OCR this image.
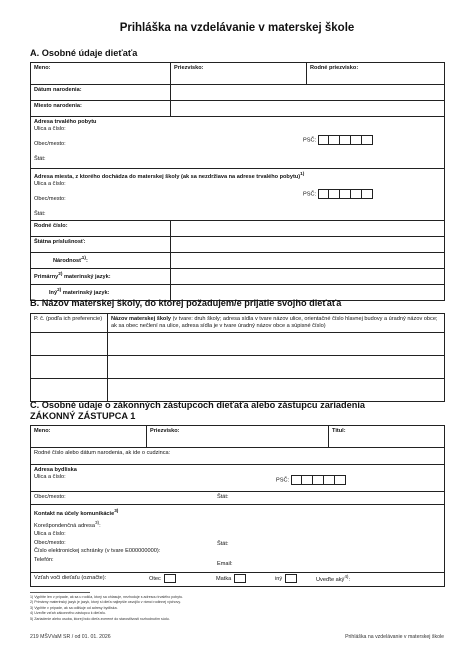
Prihláška na vzdelávanie v materskej škole
A. Osobné údaje dieťaťa
Meno:	Priezvisko:	Rodné priezvisko:
Dátum narodenia:		
Miesto narodenia:		

Adresa trvalého pobytu
Ulica a číslo:
Obec/mesto:
Štát:
PSČ:		

Adresa miesta, z ktorého dochádza do materskej školy (ak sa nezdržiava na adrese trvalého pobytu)$^{1)}$
Ulica a číslo:
Obec/mesto:
Štát:
PSČ:		

Rodné číslo:		
Štátna príslušnosť:		
Národnosť$^{1)}$:		
Primárny$^{2)}$ materinský jazyk:		
Iný$^{2)}$ materinský jazyk:		
B. Názov materskej školy, do ktorej požadujem/e prijatie svojho dieťaťa
P. č. (podľa ich preferencie)	Názov materskej školy (v tvare: druh školy; adresa sídla v tvare názov ulice, orientačné číslo hlavnej budovy a úradný názov obce; ak sa obec nečlení na ulice, adresa sídla je v tvare úradný názov obce a súpisné číslo)

C. Osobné údaje o zákonných zástupcoch dieťaťa alebo zástupcu zariadenia
ZÁKONNÝ ZÁSTUPCA 1
Meno:	Priezvisko:	Titul:
Rodné číslo alebo dátum narodenia, ak ide o cudzinca:

Adresa bydliska
Ulica a číslo:
PSČ:
Obec/mesto:	Štát:

Kontakt na účely komunikácie$^{3)}$
Korešpondenčná adresa$^{3)}$:
Ulica a číslo:
Obec/mesto:
Číslo elektronickej schránky (v tvare E000000000):
Telefón:
Štát:
Email:

Vzťah voči dieťaťu (označte):	Otec	Matka	iný	Uveďte aký$^{4)}$:
1) Vyplňte len v prípade, ak sa u rodiča, ktorý sa ohlasuje, nezhoduje s adresou trvalého pobytu.
2) Primárny materinský jazyk je jazyk, ktorý si dieťa najlepšie osvojilo v rámci rodinnej výchovy.
3) Vyplňte v prípade, ak sa odlišuje od adresy bydliska.
4) Uveďte vzťah zákonného zástupcu k dieťaťu.
5) Zariadenie alebo osoba, ktorej bolo dieťa zverené do starostlivosti rozhodnutím súdu.
219 MŠVVaM SR / od 01. 01. 2026	Prihláška na vzdelávanie v materskej škole
